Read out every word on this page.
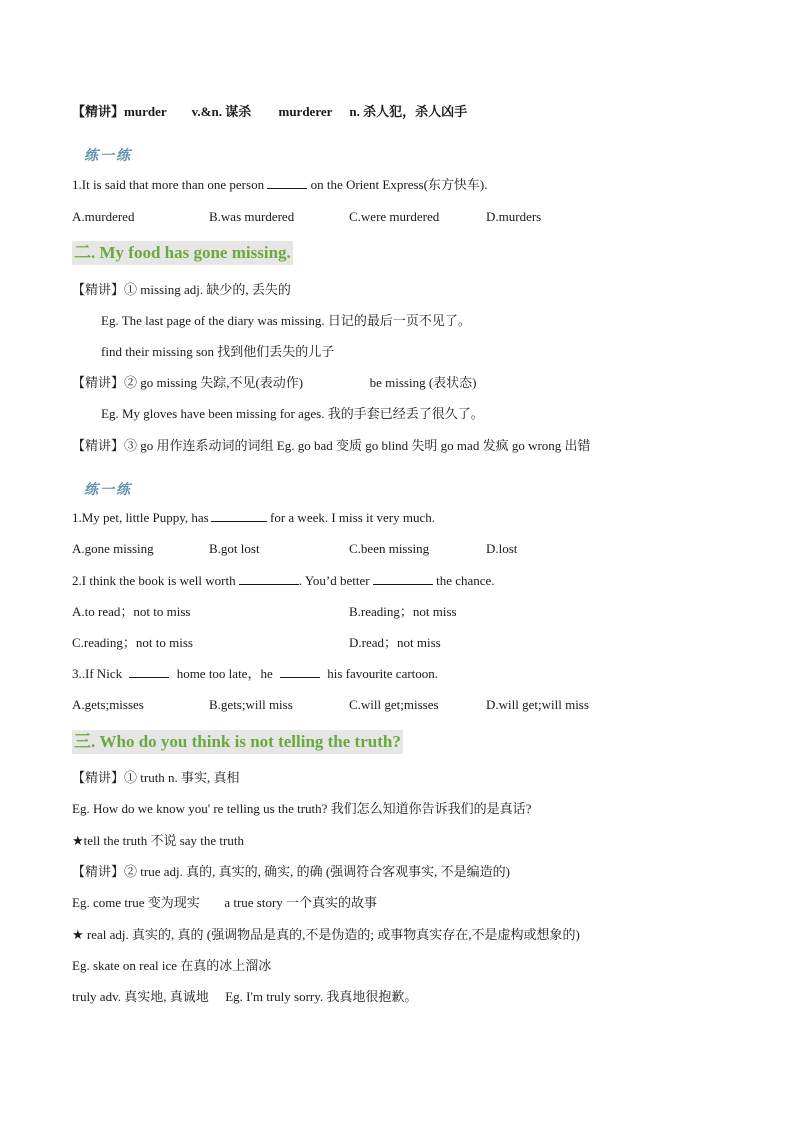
【精讲】murder v.&n. 谋杀 murderer n. 杀人犯，杀人凶手
练一练
1.It is said that more than one person	on the Orient Express(东方快车).
A.murdered	B.was murdered	C.were murdered	D.murders
二. My food has gone missing.
【精讲】① missing adj. 缺少的, 丢失的
Eg. The last page of the diary was missing. 日记的最后一页不见了。
find their missing son 找到他们丢失的儿子
【精讲】② go missing 失踪,不见(表动作)	be missing (表状态)
Eg. My gloves have been missing for ages. 我的手套已经丢了很久了。
【精讲】③ go 用作连系动词的词组 Eg. go bad 变质 go blind 失明 go mad 发疯 go wrong 出错
练一练
1.My pet, little Puppy, has	for a week. I miss it very much.
A.gone missing	B.got lost	C.been missing	D.lost
2.I think the book is well worth	. You’d better	the chance.
A.to read；not to miss	B.reading；not miss
C.reading；not to miss	D.read；not miss
3..If Nick	home too late，he	his favourite cartoon.
A.gets;misses	B.gets;will miss	C.will get;misses	D.will get;will miss
三. Who do you think is not telling the truth?
【精讲】① truth n. 事实, 真相
Eg. How do we know you' re telling us the truth? 我们怎么知道你告诉我们的是真话?
★tell the truth 不说 say the truth
【精讲】② true adj. 真的, 真实的, 确实, 的确 (强调符合客观事实, 不是编造的)
Eg. come true 变为现实 a true story 一个真实的故事
★ real adj. 真实的, 真的 (强调物品是真的,不是伪造的; 或事物真实存在,不是虚构或想象的)
Eg. skate on real ice 在真的冰上溜冰
truly adv. 真实地, 真诚地 Eg. I'm truly sorry. 我真地很抱歉。
